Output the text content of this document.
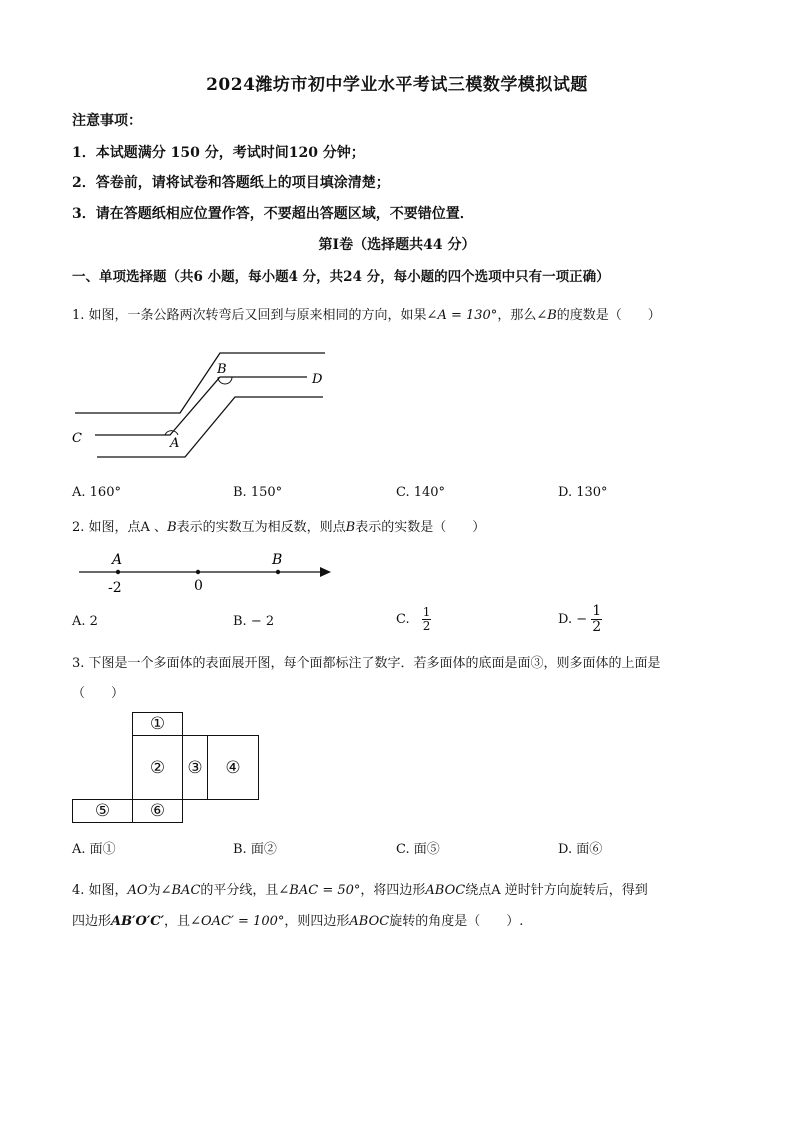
2024潍坊市初中学业水平考试三模数学模拟试题
注意事项：
1．本试题满分 150 分，考试时间120 分钟；
2．答卷前，请将试卷和答题纸上的项目填涂清楚；
3．请在答题纸相应位置作答，不要超出答题区域，不要错位置．
第Ⅰ卷（选择题共44 分）
一、单项选择题（共6 小题，每小题4 分，共24 分，每小题的四个选项中只有一项正确）
1. 如图，一条公路两次转弯后又回到与原来相同的方向，如果∠A = 130°，那么∠B的度数是（　　）
C	A
B
D
A. 160°	B. 150°	C. 140°	D. 130°
2. 如图，点A 、B表示的实数互为相反数，则点B表示的实数是（　　）
A	B
-2	0
A. 2	B. − 2	C. $\frac{1}{2}$	D. − $\frac{1}{2}$
3. 下图是一个多面体的表面展开图，每个面都标注了数字．若多面体的底面是面③，则多面体的上面是
（　　）
①
②	③	④
⑤	⑥
A. 面①	B. 面②	C. 面⑤	D. 面⑥
4. 如图，AO为∠BAC的平分线，且∠BAC = 50°，将四边形ABOC绕点A 逆时针方向旋转后，得到
四边形AB′O′C′，且∠OAC′ = 100°，则四边形ABOC旋转的角度是（　　）.
